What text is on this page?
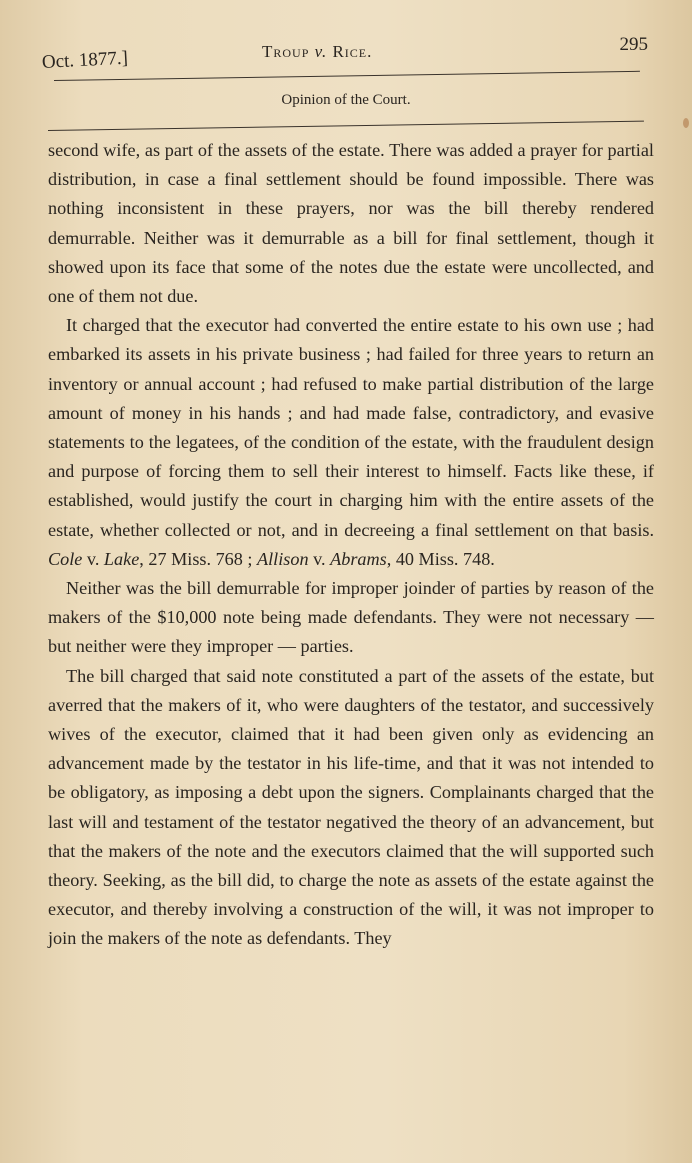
Oct. 1877.]	Troup v. Rice.	295
Opinion of the Court.

second wife, as part of the assets of the estate. There was added a prayer for partial distribution, in case a final settlement should be found impossible. There was nothing inconsistent in these prayers, nor was the bill thereby rendered demurrable. Neither was it demurrable as a bill for final settlement, though it showed upon its face that some of the notes due the estate were uncollected, and one of them not due.

It charged that the executor had converted the entire estate to his own use ; had embarked its assets in his private business ; had failed for three years to return an inventory or annual account ; had refused to make partial distribution of the large amount of money in his hands ; and had made false, contradictory, and evasive statements to the legatees, of the condition of the estate, with the fraudulent design and purpose of forcing them to sell their interest to himself. Facts like these, if established, would justify the court in charging him with the entire assets of the estate, whether collected or not, and in decreeing a final settlement on that basis. Cole v. Lake, 27 Miss. 768 ; Allison v. Abrams, 40 Miss. 748.

Neither was the bill demurrable for improper joinder of parties by reason of the makers of the $10,000 note being made defendants. They were not necessary — but neither were they improper — parties.

The bill charged that said note constituted a part of the assets of the estate, but averred that the makers of it, who were daughters of the testator, and successively wives of the executor, claimed that it had been given only as evidencing an advancement made by the testator in his life-time, and that it was not intended to be obligatory, as imposing a debt upon the signers. Complainants charged that the last will and testament of the testator negatived the theory of an advancement, but that the makers of the note and the executors claimed that the will supported such theory. Seeking, as the bill did, to charge the note as assets of the estate against the executor, and thereby involving a construction of the will, it was not improper to join the makers of the note as defendants. They
